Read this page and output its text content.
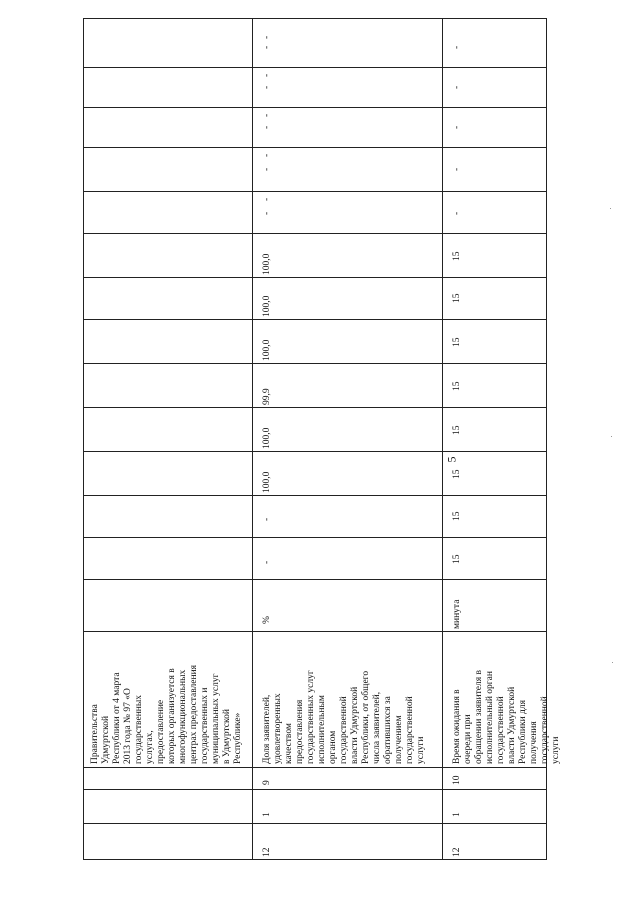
5
Правительства
Удмуртской
Республики от 4 марта
2013 года № 97 «О
государственных
услугах,
предоставление
которых организуется в
многофункциональных
центрах предоставления
государственных и
муниципальных услуг
в Удмуртской
Республике»
-
-
-
-
-
12
1
9
Доля заявителей,
удовлетворенных
качеством
предоставления
государственных услуг
исполнительным
органом
государственной
власти Удмуртской
Республики, от общего
числа заявителей,
обратившихся за
получением
государственной
услуги
%
-
-
100,0
100,0
99,9
100,0
100,0
100,0
-
-
-
-
-
12
1
10
Время ожидания в
очереди при
обращении заявителя в
исполнительный орган
государственной
власти Удмуртской
Республики для
получения
государственной
услуги
минута
15
15
15
15
15
15
15
15
-
-
-
-
-
